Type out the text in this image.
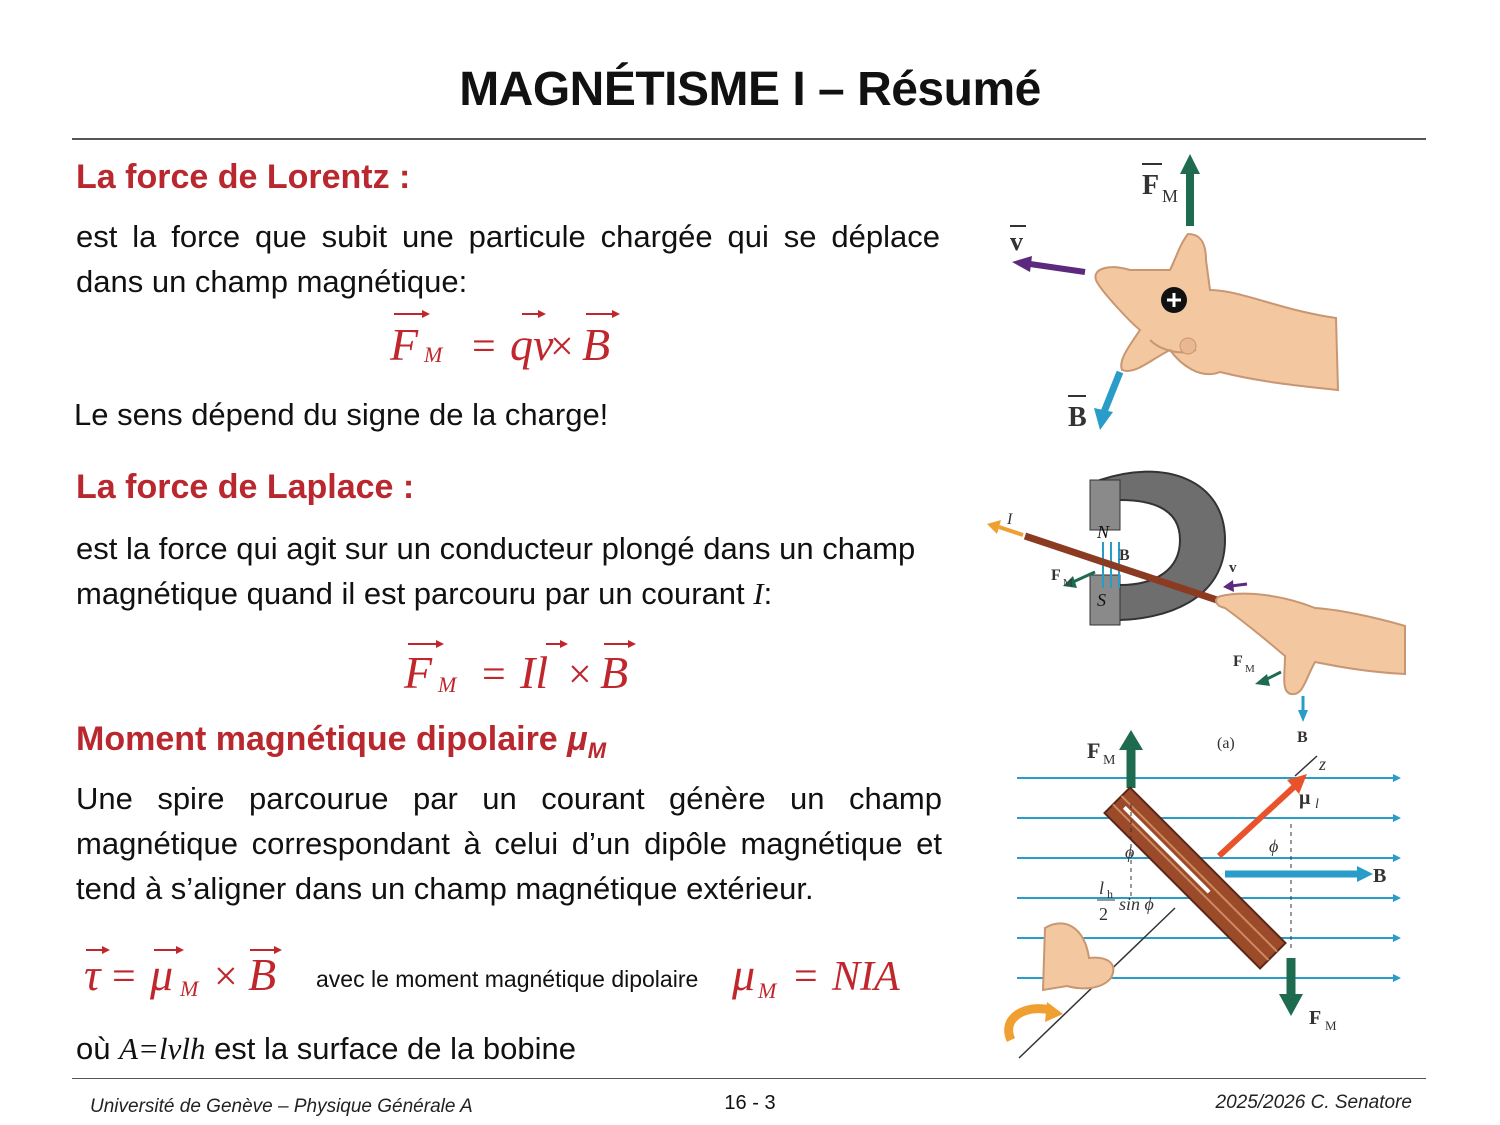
MAGNÉTISME I – Résumé
La force de Lorentz :
est la force que subit une particule chargée qui se déplace dans un champ magnétique:
F M = qv
× B
Le sens dépend du signe de la charge!
La force de Laplace :
est la force qui agit sur un conducteur plongé dans un champ magnétique quand il est parcouru par un courant I:
F M = Il × B
Moment magnétique dipolaire $\mu_M$
Une spire parcourue par un courant génère un champ magnétique correspondant à celui d’un dipôle magnétique et tend à s’aligner dans un champ magnétique extérieur.
τ = μ M × B avec le moment magnétique dipolaire μ M = NIA
où A=lvlh est la surface de la bobine
F M
v
B
N
S
B
I
F M
v
F M
B
(a)
F M
ϕ	ϕ
μ l
z
B
l h
2 sin ϕ
F M
Université de Genève – Physique Générale A	16 - 3	2025/2026 C. Senatore
